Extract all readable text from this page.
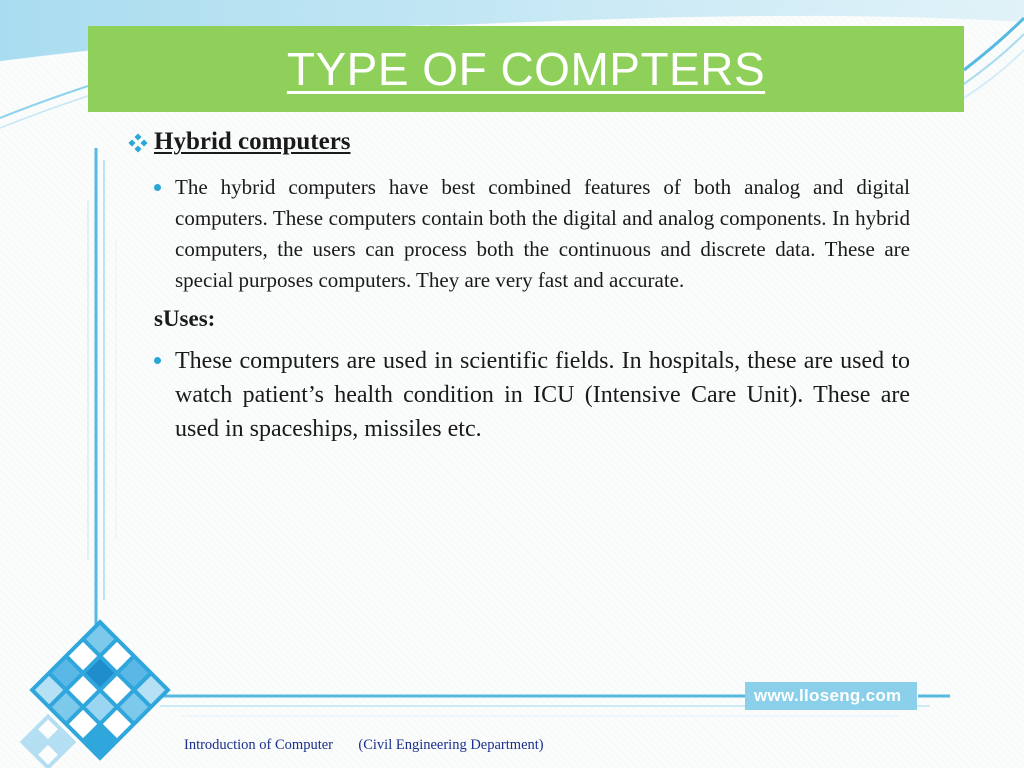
TYPE OF COMPTERS
Hybrid computers
The hybrid computers have best combined features of both analog and digital computers. These computers contain both the digital and analog components. In hybrid computers, the users can process both the continuous and discrete data. These are special purposes computers. They are very fast and accurate.
sUses:
These computers are used in scientific fields. In hospitals, these are used to watch patient’s health condition in ICU (Intensive Care Unit). These are used in spaceships, missiles etc.
www.lloseng.com
Introduction of Computer (Civil Engineering Department)
